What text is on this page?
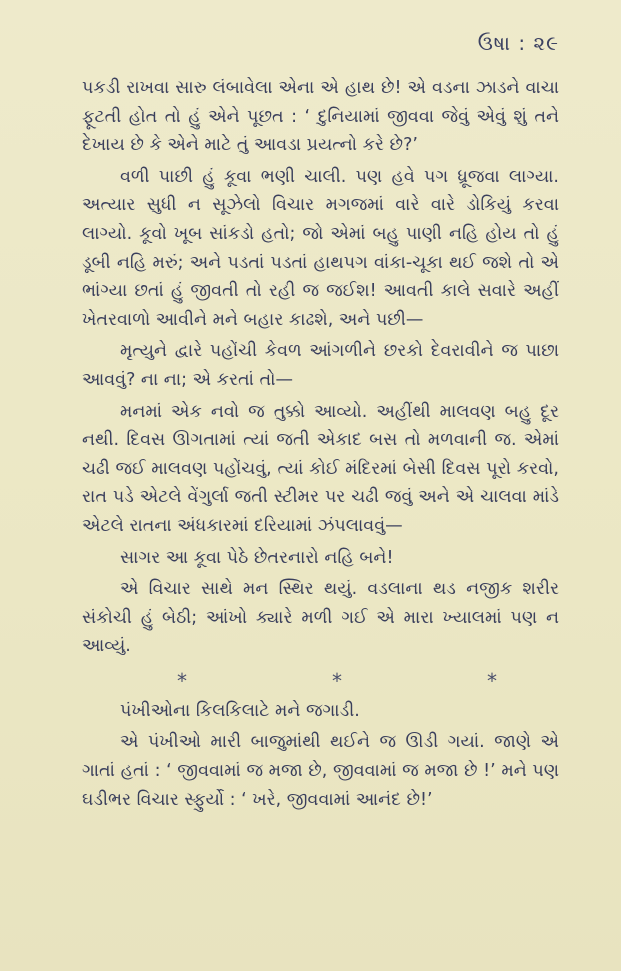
ઉષા : ૨૯

પકડી રાખવા સારુ લંબાવેલા એના એ હાથ છે! એ વડના ઝાડને વાચા ફૂટતી હોત તો હું એને પૂછત : ‘ દુનિયામાં જીવવા જેવું એવું શું તને દેખાય છે કે એને માટે તું આવડા પ્રયત્નો કરે છે?’

વળી પાછી હું કૂવા ભણી ચાલી. પણ હવે પગ ધ્રૂજવા લાગ્યા. અત્યાર સુધી ન સૂઝેલો વિચાર મગજમાં વારે વારે ડોકિયું કરવા લાગ્યો. કૂવો ખૂબ સાંકડો હતો; જો એમાં બહુ પાણી નહિ હોય તો હું ડૂબી નહિ મરું; અને પડતાં પડતાં હાથપગ વાંકા-ચૂકા થઈ જશે તો એ ભાંગ્યા છતાં હું જીવતી તો રહી જ જઈશ! આવતી કાલે સવારે અહીં ખેતરવાળો આવીને મને બહાર કાઢશે, અને પછી—

મૃત્યુને દ્વારે પહોંચી કેવળ આંગળીને છરકો દેવરાવીને જ પાછા આવવું? ના ના; એ કરતાં તો—

મનમાં એક નવો જ તુક્કો આવ્યો. અહીંથી માલવણ બહુ દૂર નથી. દિવસ ઊગતામાં ત્યાં જતી એકાદ બસ તો મળવાની જ. એમાં ચઢી જઈ માલવણ પહોંચવું, ત્યાં કોઈ મંદિરમાં બેસી દિવસ પૂરો કરવો, રાત પડે એટલે વેંગુર્લા જતી સ્ટીમર પર ચઢી જવું અને એ ચાલવા માંડે એટલે રાતના અંધકારમાં દરિયામાં ઝંપલાવવું—

સાગર આ કૂવા પેઠે છેતરનારો નહિ બને!

એ વિચાર સાથે મન સ્થિર થયું. વડલાના થડ નજીક શરીર સંકોચી હું બેઠી; આંખો ક્યારે મળી ગઈ એ મારા ખ્યાલમાં પણ ન આવ્યું.

*	*	*

પંખીઓના કિલકિલાટે મને જગાડી.

એ પંખીઓ મારી બાજુમાંથી થઈને જ ઊડી ગયાં. જાણે એ ગાતાં હતાં : ‘ જીવવામાં જ મજા છે, જીવવામાં જ મજા છે !’ મને પણ ઘડીભર વિચાર સ્ફુર્યો : ‘ ખરે, જીવવામાં આનંદ છે!’
